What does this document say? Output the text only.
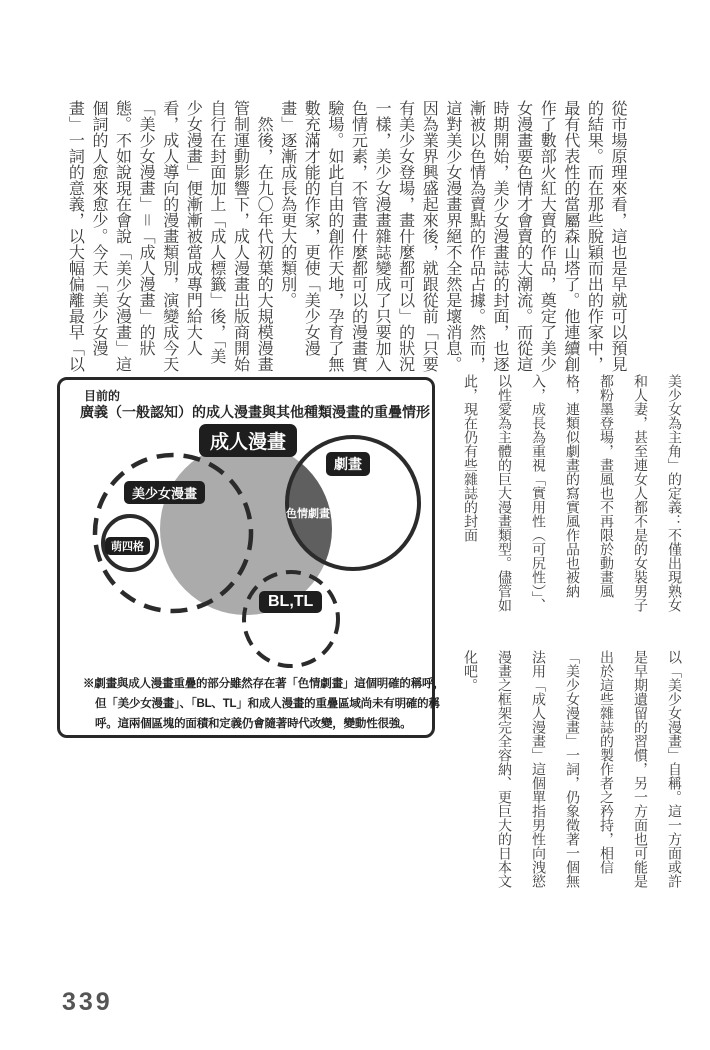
從市場原理來看，這也是早就可以預見的結果。而在那些脫穎而出的作家中，最有代表性的當屬森山塔了。他連續創作了數部火紅大賣的作品，奠定了美少女漫畫要色情才會賣的大潮流。而從這時期開始，美少女漫畫誌的封面，也逐漸被以色情為賣點的作品占據。然而，這對美少女漫畫界絕不全然是壞消息。因為業界興盛起來後，就跟從前「只要有美少女登場，畫什麼都可以」的狀況一樣，美少女漫畫雜誌變成了只要加入色情元素，不管畫什麼都可以的漫畫實驗場。如此自由的創作天地，孕育了無數充滿才能的作家，更使「美少女漫畫」逐漸成長為更大的類別。

然後，在九〇年代初葉的大規模漫畫管制運動影響下，成人漫畫出版商開始自行在封面加上「成人標籤」後，「美少女漫畫」便漸漸被當成專門給大人看，成人導向的漫畫類別，演變成今天「美少女漫畫」＝「成人漫畫」的狀態。不如說現在會說「美少女漫畫」這個詞的人愈來愈少。今天「美少女漫畫」一詞的意義，以大幅偏離最早「以

目前的
廣義（一般認知）的成人漫畫與其他種類漫畫的重疊情形
成人漫畫
劇畫
美少女漫畫
色情劇畫
萌四格
BL,TL
※劇畫與成人漫畫重疊的部分雖然存在著「色情劇畫」這個明確的稱呼，
但「美少女漫畫」、「BL、TL」和成人漫畫的重疊區域尚未有明確的稱
呼。這兩個區塊的面積和定義仍會隨著時代改變，變動性很強。

美少女為主角」的定義：不僅出現熟女和人妻，甚至連女人都不是的女裝男子都粉墨登場，畫風也不再限於動畫風格，連類似劇畫的寫實風作品也被納入，成長為重視「實用性（可尻性）」、以性愛為主體的巨大漫畫類型。儘管如此，現在仍有些雜誌的封面

以「美少女漫畫」自稱。這一方面或許是早期遺留的習慣，另一方面也可能是出於這些雜誌的製作者之矜持，相信「美少女漫畫」一詞，仍象徵著一個無法用「成人漫畫」這個單指男性向洩慾漫畫之框架完全容納、更巨大的日本文化吧。

339
